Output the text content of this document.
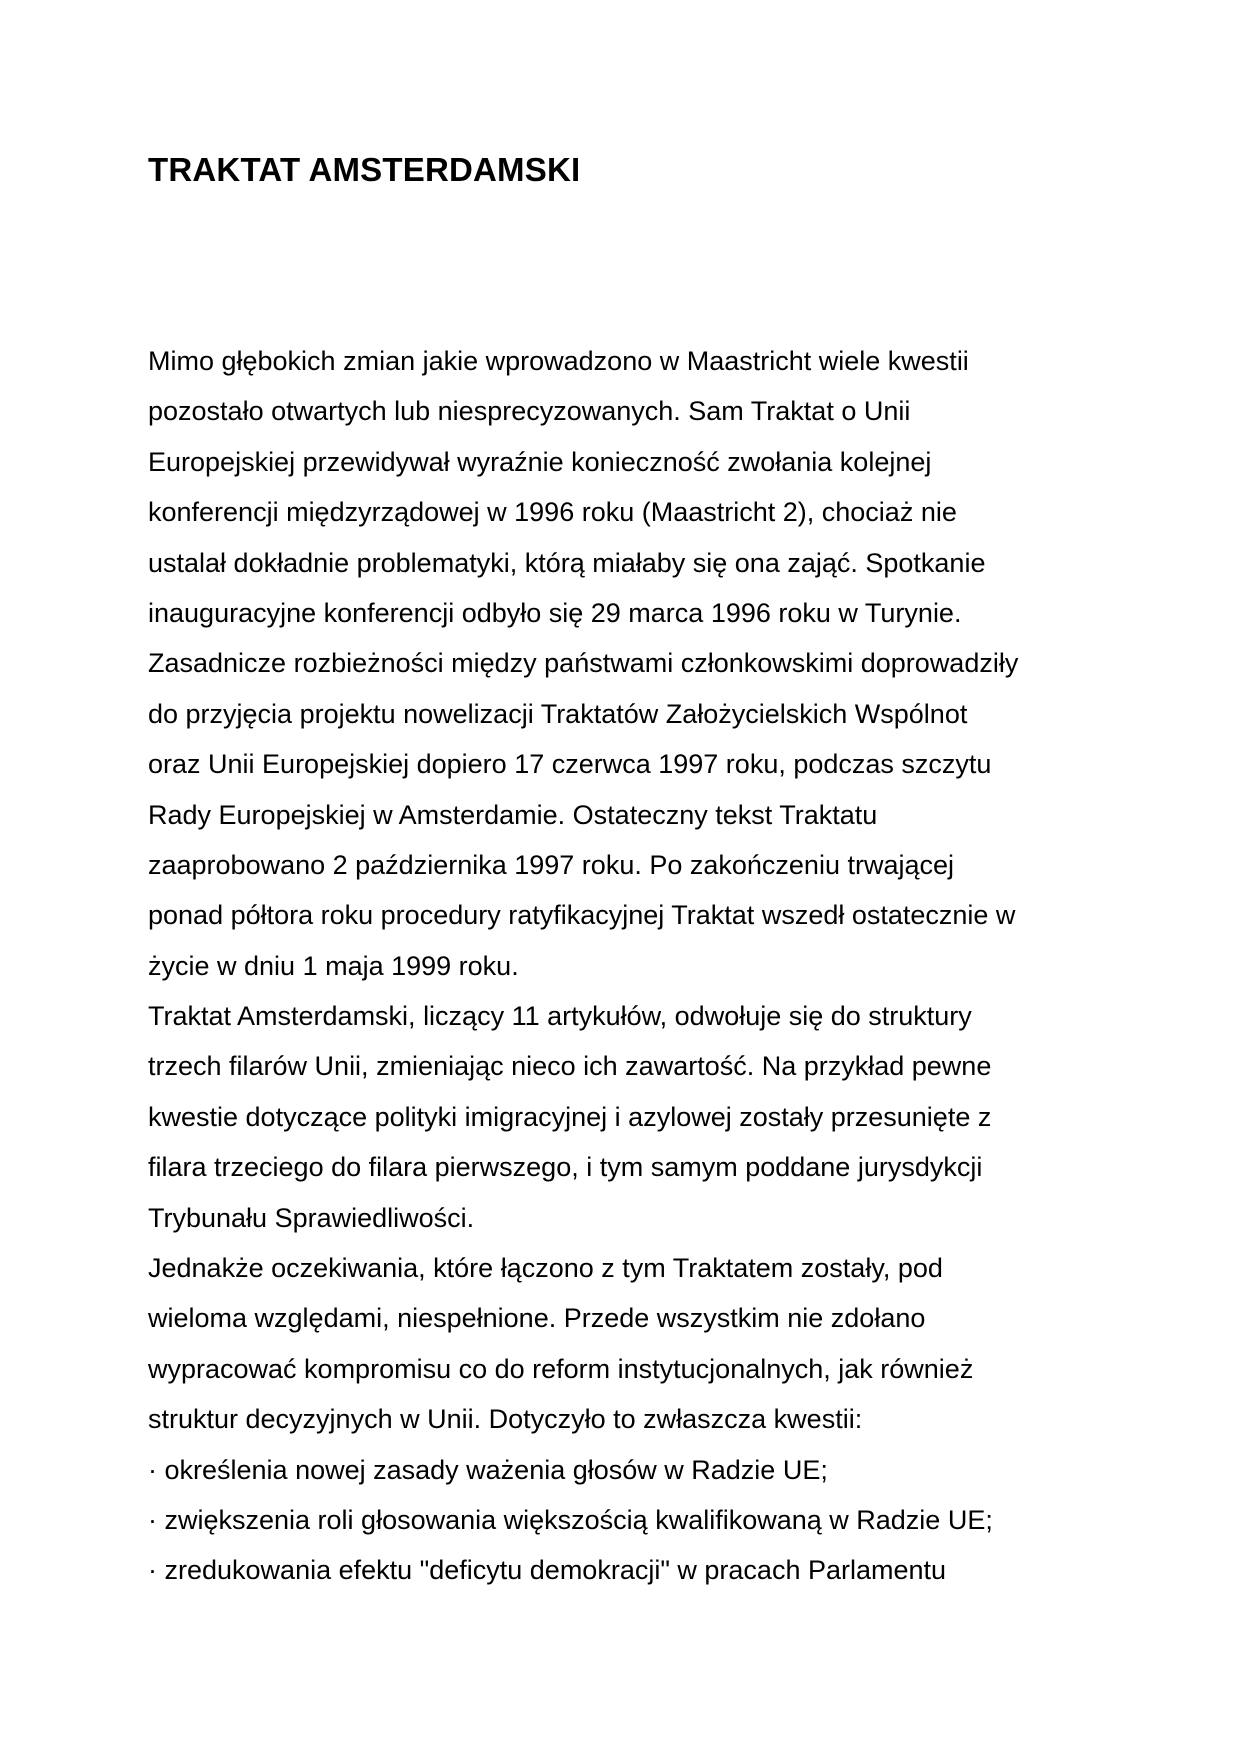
TRAKTAT AMSTERDAMSKI
Mimo głębokich zmian jakie wprowadzono w Maastricht wiele kwestii
pozostało otwartych lub niesprecyzowanych. Sam Traktat o Unii
Europejskiej przewidywał wyraźnie konieczność zwołania kolejnej
konferencji międzyrządowej w 1996 roku (Maastricht 2), chociaż nie
ustalał dokładnie problematyki, którą miałaby się ona zająć. Spotkanie
inauguracyjne konferencji odbyło się 29 marca 1996 roku w Turynie.
Zasadnicze rozbieżności między państwami członkowskimi doprowadziły
do przyjęcia projektu nowelizacji Traktatów Założycielskich Wspólnot
oraz Unii Europejskiej dopiero 17 czerwca 1997 roku, podczas szczytu
Rady Europejskiej w Amsterdamie. Ostateczny tekst Traktatu
zaaprobowano 2 października 1997 roku. Po zakończeniu trwającej
ponad półtora roku procedury ratyfikacyjnej Traktat wszedł ostatecznie w
życie w dniu 1 maja 1999 roku.
Traktat Amsterdamski, liczący 11 artykułów, odwołuje się do struktury
trzech filarów Unii, zmieniając nieco ich zawartość. Na przykład pewne
kwestie dotyczące polityki imigracyjnej i azylowej zostały przesunięte z
filara trzeciego do filara pierwszego, i tym samym poddane jurysdykcji
Trybunału Sprawiedliwości.
Jednakże oczekiwania, które łączono z tym Traktatem zostały, pod
wieloma względami, niespełnione. Przede wszystkim nie zdołano
wypracować kompromisu co do reform instytucjonalnych, jak również
struktur decyzyjnych w Unii. Dotyczyło to zwłaszcza kwestii:
· określenia nowej zasady ważenia głosów w Radzie UE;
· zwiększenia roli głosowania większością kwalifikowaną w Radzie UE;
· zredukowania efektu "deficytu demokracji" w pracach Parlamentu
